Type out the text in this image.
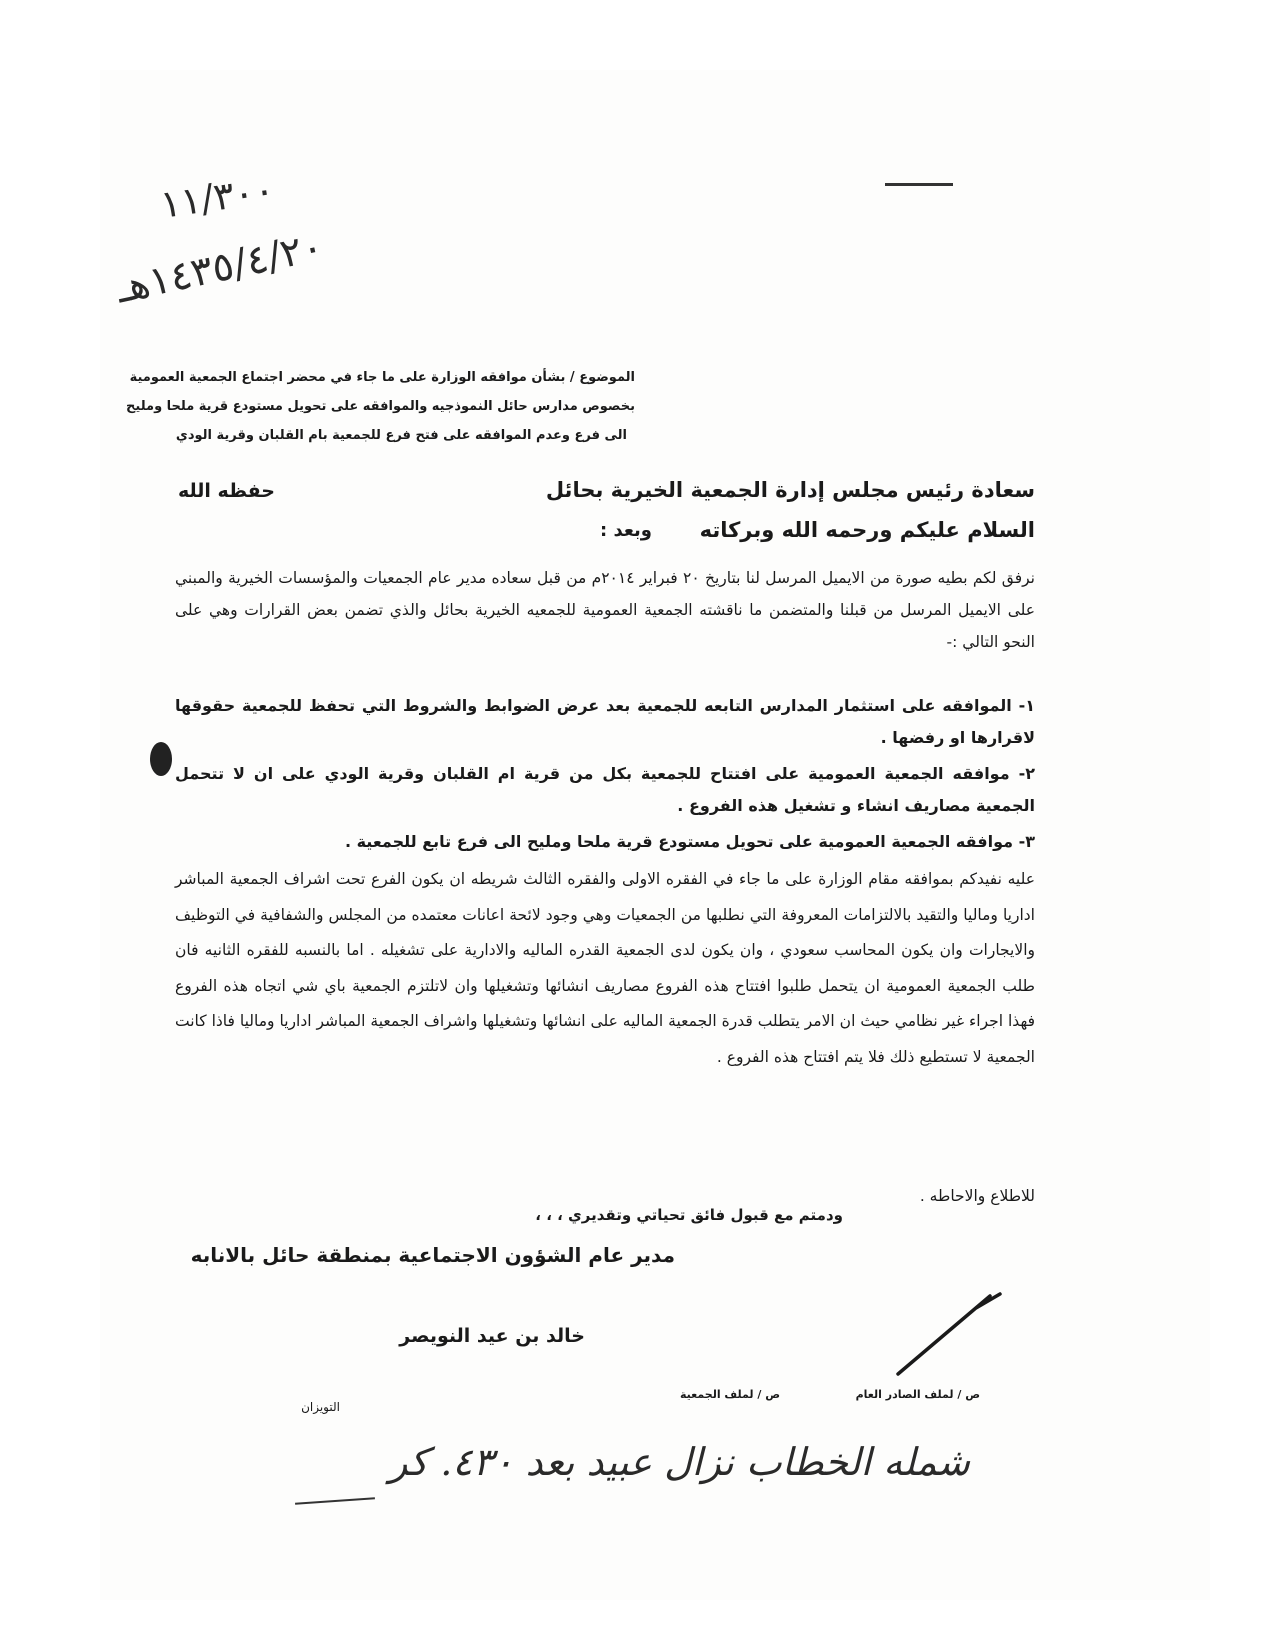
١١/٣٠٠
١٤٣٥/٤/٢٠هـ
الموضوع / بشأن موافقه الوزارة على ما جاء في محضر اجتماع الجمعية العمومية
بخصوص مدارس حائل النموذجيه والموافقه على تحويل مستودع قرية ملحا ومليح
الى فرع وعدم الموافقه على فتح فرع للجمعية بام القلبان وقرية الودي
سعادة رئيس مجلس إدارة الجمعية الخيرية بحائل
حفظه الله
السلام عليكم ورحمه الله وبركاته
وبعد :
نرفق لكم بطيه صورة من الايميل المرسل لنا بتاريخ ٢٠ فبراير ٢٠١٤م من قبل سعاده مدير عام الجمعيات والمؤسسات الخيرية والمبني على الايميل المرسل من قبلنا والمتضمن ما ناقشته الجمعية العمومية للجمعيه الخيرية بحائل والذي تضمن بعض القرارات وهي على النحو التالي :-
١- الموافقه على استثمار المدارس التابعه للجمعية بعد عرض الضوابط والشروط التي تحفظ للجمعية حقوقها لاقرارها او رفضها .
٢- موافقه الجمعية العمومية على افتتاح للجمعية بكل من قرية ام القلبان وقرية الودي على ان لا تتحمل الجمعية مصاريف انشاء و تشغيل هذه الفروع .
٣- موافقه الجمعية العمومية على تحويل مستودع قرية ملحا ومليح الى فرع تابع للجمعية .
عليه نفيدكم بموافقه مقام الوزارة على ما جاء في الفقره الاولى والفقره الثالث شريطه ان يكون الفرع تحت اشراف الجمعية المباشر اداريا وماليا والتقيد بالالتزامات المعروفة التي نطلبها من الجمعيات وهي وجود لائحة اعانات معتمده من المجلس والشفافية في التوظيف والايجارات وان يكون المحاسب سعودي ، وان يكون لدى الجمعية القدره الماليه والادارية على تشغيله . اما بالنسبه للفقره الثانيه فان طلب الجمعية العمومية ان يتحمل طلبوا افتتاح هذه الفروع مصاريف انشائها وتشغيلها وان لاتلتزم الجمعية باي شي اتجاه هذه الفروع فهذا اجراء غير نظامي حيث ان الامر يتطلب قدرة الجمعية الماليه على انشائها وتشغيلها واشراف الجمعية المباشر اداريا وماليا فاذا كانت الجمعية لا تستطيع ذلك فلا يتم افتتاح هذه الفروع .
للاطلاع والاحاطه .
ودمتم مع قبول فائق تحياتي وتقديري ، ، ،
مدير عام الشؤون الاجتماعية بمنطقة حائل بالانابه
خالد بن عيد النويصر
ص / لملف الصادر العام
ص / لملف الجمعية
التويزان
شمله الخطاب نزال عبيد بعد ٤٣٠. كر
